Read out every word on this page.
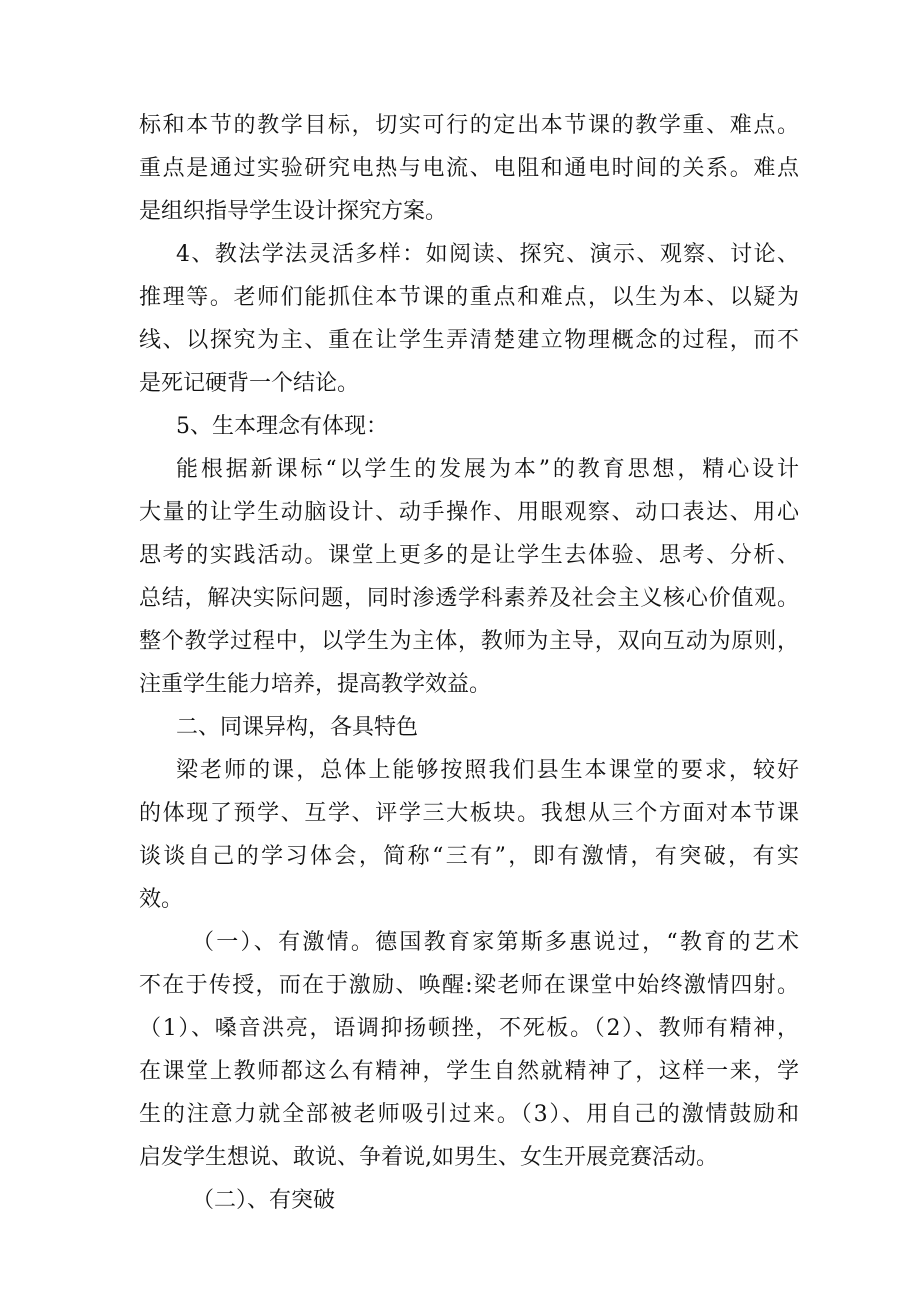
标和本节的教学目标，切实可行的定出本节课的教学重、难点。
重点是通过实验研究电热与电流、电阻和通电时间的关系。难点
是组织指导学生设计探究方案。
4、教法学法灵活多样：如阅读、探究、演示、观察、讨论、
推理等。老师们能抓住本节课的重点和难点，以生为本、以疑为
线、以探究为主、重在让学生弄清楚建立物理概念的过程，而不
是死记硬背一个结论。
5、生本理念有体现：
能根据新课标“以学生的发展为本”的教育思想，精心设计
大量的让学生动脑设计、动手操作、用眼观察、动口表达、用心
思考的实践活动。课堂上更多的是让学生去体验、思考、分析、
总结，解决实际问题，同时渗透学科素养及社会主义核心价值观。
整个教学过程中，以学生为主体，教师为主导，双向互动为原则，
注重学生能力培养，提高教学效益。
二、同课异构，各具特色
梁老师的课，总体上能够按照我们县生本课堂的要求，较好
的体现了预学、互学、评学三大板块。我想从三个方面对本节课
谈谈自己的学习体会，简称“三有”，即有激情，有突破，有实
效。
（一）、有激情。德国教育家第斯多惠说过，“教育的艺术
不在于传授，而在于激励、唤醒:梁老师在课堂中始终激情四射。
（1）、嗓音洪亮，语调抑扬顿挫，不死板。（2）、教师有精神，
在课堂上教师都这么有精神，学生自然就精神了，这样一来，学
生的注意力就全部被老师吸引过来。（3）、用自己的激情鼓励和
启发学生想说、敢说、争着说,如男生、女生开展竞赛活动。
（二）、有突破
